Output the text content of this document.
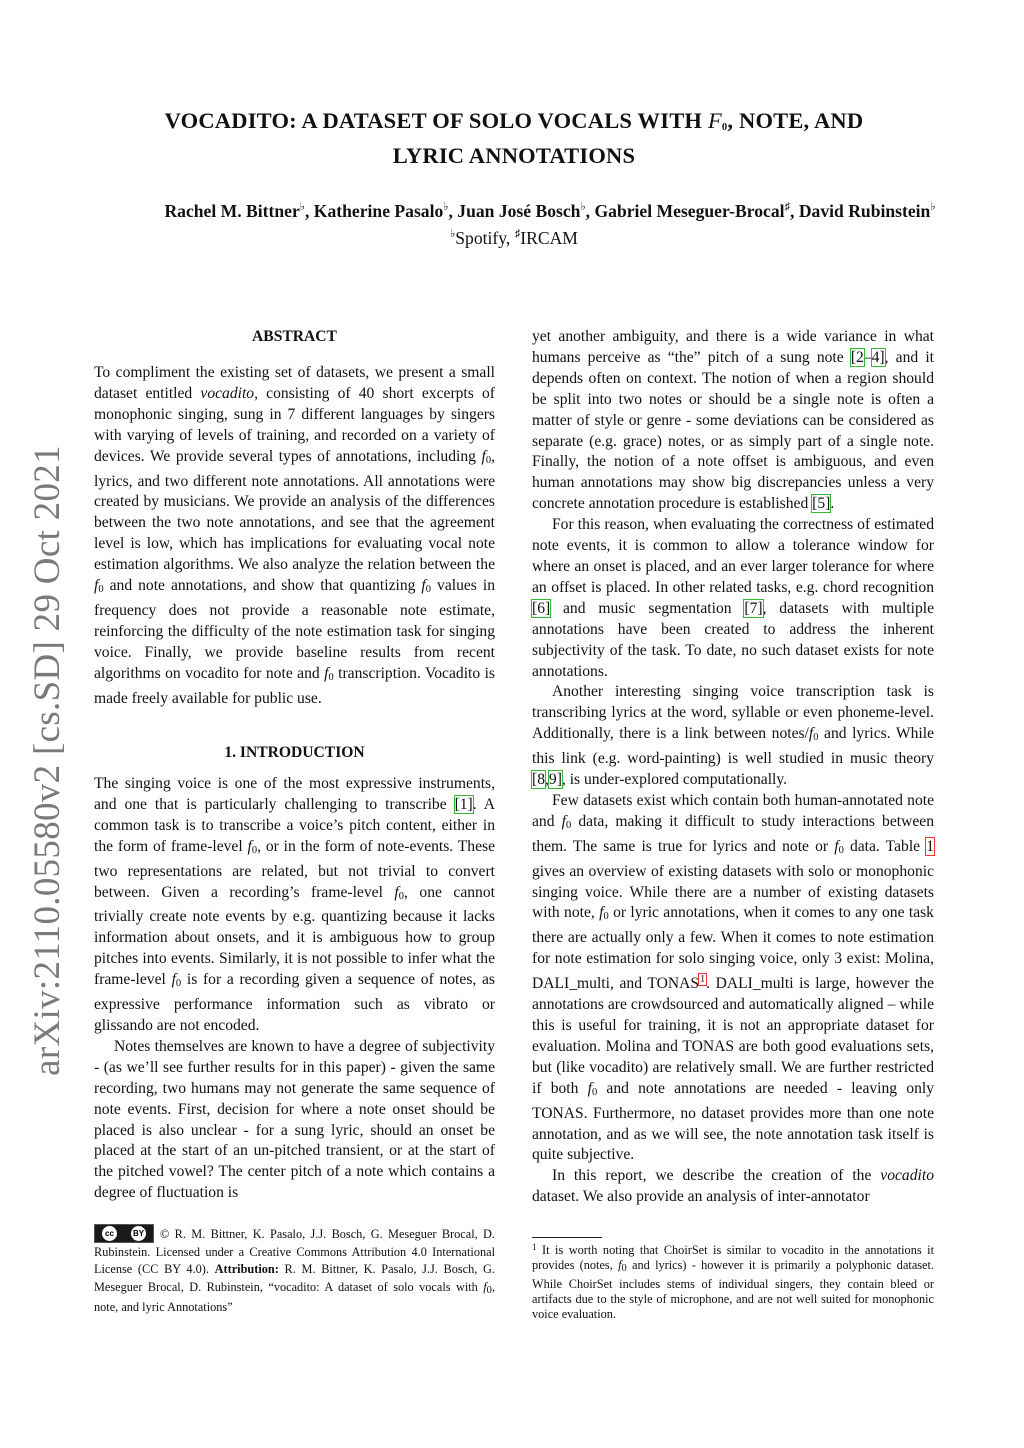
arXiv:2110.05580v2 [cs.SD] 29 Oct 2021
VOCADITO: A DATASET OF SOLO VOCALS WITH F0, NOTE, AND
LYRIC ANNOTATIONS
Rachel M. Bittner♭, Katherine Pasalo♭, Juan José Bosch♭, Gabriel Meseguer-Brocal♯, David Rubinstein♭
♭Spotify, ♯IRCAM
ABSTRACT

To compliment the existing set of datasets, we present a small dataset entitled vocadito, consisting of 40 short excerpts of monophonic singing, sung in 7 different languages by singers with varying of levels of training, and recorded on a variety of devices. We provide several types of annotations, including f0, lyrics, and two different note annotations. All annotations were created by musicians. We provide an analysis of the differences between the two note annotations, and see that the agreement level is low, which has implications for evaluating vocal note estimation algorithms. We also analyze the relation between the f0 and note annotations, and show that quantizing f0 values in frequency does not provide a reasonable note estimate, reinforcing the difficulty of the note estimation task for singing voice. Finally, we provide baseline results from recent algorithms on vocadito for note and f0 transcription. Vocadito is made freely available for public use.

1. INTRODUCTION

The singing voice is one of the most expressive instruments, and one that is particularly challenging to transcribe [1]. A common task is to transcribe a voice’s pitch content, either in the form of frame-level f0, or in the form of note-events. These two representations are related, but not trivial to convert between. Given a recording’s frame-level f0, one cannot trivially create note events by e.g. quantizing because it lacks information about onsets, and it is ambiguous how to group pitches into events. Similarly, it is not possible to infer what the frame-level f0 is for a recording given a sequence of notes, as expressive performance information such as vibrato or glissando are not encoded.

Notes themselves are known to have a degree of subjectivity - (as we’ll see further results for in this paper) - given the same recording, two humans may not generate the same sequence of note events. First, decision for where a note onset should be placed is also unclear - for a sung lyric, should an onset be placed at the start of an un-pitched transient, or at the start of the pitched vowel? The center pitch of a note which contains a degree of fluctuation is

yet another ambiguity, and there is a wide variance in what humans perceive as “the” pitch of a sung note [2–4], and it depends often on context. The notion of when a region should be split into two notes or should be a single note is often a matter of style or genre - some deviations can be considered as separate (e.g. grace) notes, or as simply part of a single note. Finally, the notion of a note offset is ambiguous, and even human annotations may show big discrepancies unless a very concrete annotation procedure is established [5].

For this reason, when evaluating the correctness of estimated note events, it is common to allow a tolerance window for where an onset is placed, and an ever larger tolerance for where an offset is placed. In other related tasks, e.g. chord recognition [6] and music segmentation [7], datasets with multiple annotations have been created to address the inherent subjectivity of the task. To date, no such dataset exists for note annotations.

Another interesting singing voice transcription task is transcribing lyrics at the word, syllable or even phoneme-level. Additionally, there is a link between notes/f0 and lyrics. While this link (e.g. word-painting) is well studied in music theory [8,9], is under-explored computationally.

Few datasets exist which contain both human-annotated note and f0 data, making it difficult to study interactions between them. The same is true for lyrics and note or f0 data. Table 1 gives an overview of existing datasets with solo or monophonic singing voice. While there are a number of existing datasets with note, f0 or lyric annotations, when it comes to any one task there are actually only a few. When it comes to note estimation for note estimation for solo singing voice, only 3 exist: Molina, DALI_multi, and TONAS$^1$. DALI_multi is large, however the annotations are crowdsourced and automatically aligned – while this is useful for training, it is not an appropriate dataset for evaluation. Molina and TONAS are both good evaluations sets, but (like vocadito) are relatively small. We are further restricted if both f0 and note annotations are needed - leaving only TONAS. Furthermore, no dataset provides more than one note annotation, and as we will see, the note annotation task itself is quite subjective.

In this report, we describe the creation of the vocadito dataset. We also provide an analysis of inter-annotator

cc	BY	© R. M. Bittner, K. Pasalo, J.J. Bosch, G. Meseguer Brocal, D. Rubinstein. Licensed under a Creative Commons Attribution 4.0 International License (CC BY 4.0). Attribution: R. M. Bittner, K. Pasalo, J.J. Bosch, G. Meseguer Brocal, D. Rubinstein, “vocadito: A dataset of solo vocals with f0, note, and lyric Annotations”
$^1$ It is worth noting that ChoirSet is similar to vocadito in the annotations it provides (notes, f0 and lyrics) - however it is primarily a polyphonic dataset. While ChoirSet includes stems of individual singers, they contain bleed or artifacts due to the style of microphone, and are not well suited for monophonic voice evaluation.
